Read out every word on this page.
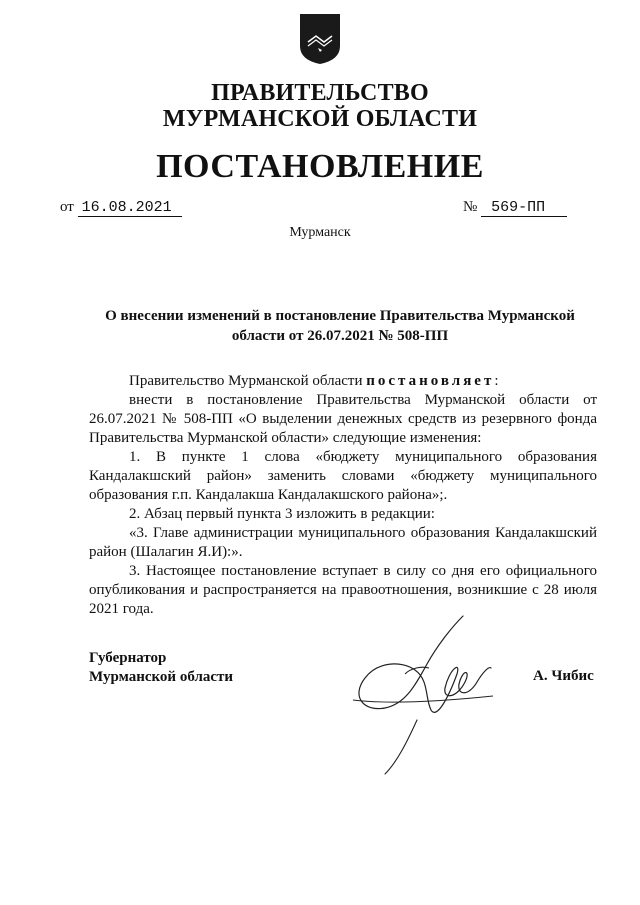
ПРАВИТЕЛЬСТВО
МУРМАНСКОЙ ОБЛАСТИ
ПОСТАНОВЛЕНИЕ
от 16.08.2021	№ 569-ПП
Мурманск
О внесении изменений в постановление Правительства Мурманской
области от 26.07.2021 № 508-ПП

Правительство Мурманской области постановляет:

внести в постановление Правительства Мурманской области от 26.07.2021 № 508-ПП «О выделении денежных средств из резервного фонда Правительства Мурманской области» следующие изменения:

1. В пункте 1 слова «бюджету муниципального образования Кандалакшский район» заменить словами «бюджету муниципального образования г.п. Кандалакша Кандалакшского района»;.

2. Абзац первый пункта 3 изложить в редакции:

«3. Главе администрации муниципального образования Кандалакшский район (Шалагин Я.И):».

3. Настоящее постановление вступает в силу со дня его официального опубликования и распространяется на правоотношения, возникшие с 28 июля 2021 года.

Губернатор
Мурманской области	А. Чибис
